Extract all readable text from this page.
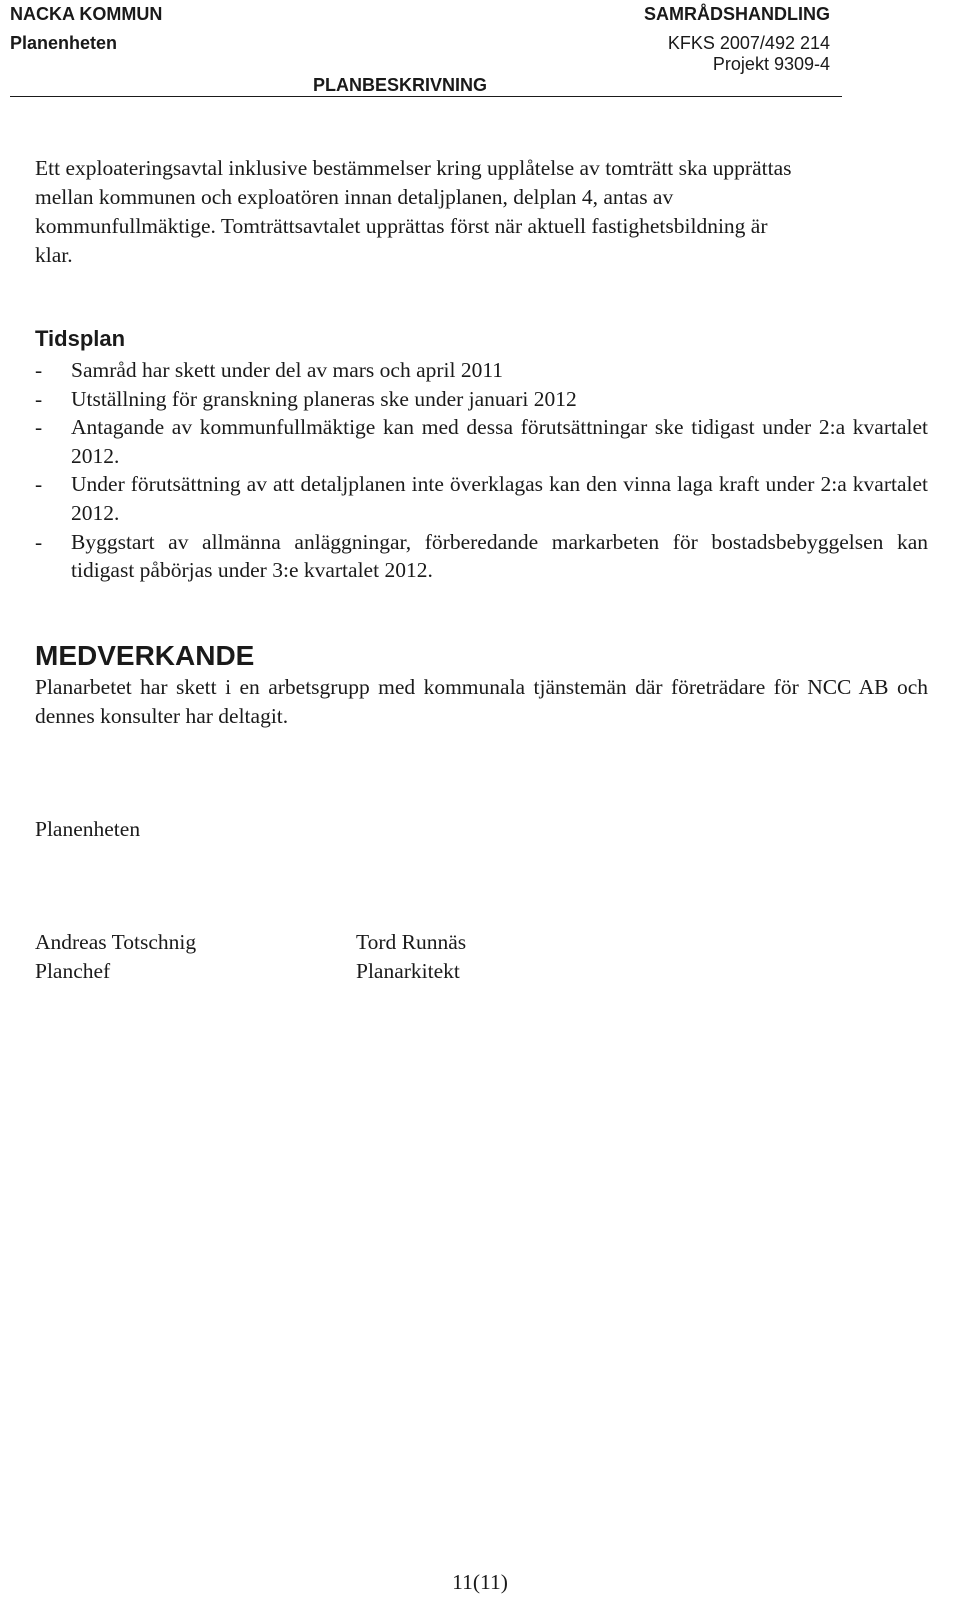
NACKA KOMMUN	SAMRÅDSHANDLING
Planenheten	KFKS 2007/492 214
Projekt 9309-4
PLANBESKRIVNING
Ett exploateringsavtal inklusive bestämmelser kring upplåtelse av tomträtt ska upprättas
mellan kommunen och exploatören innan detaljplanen, delplan 4, antas av
kommunfullmäktige. Tomträttsavtalet upprättas först när aktuell fastighetsbildning är
klar.
Tidsplan
- Samråd har skett under del av mars och april 2011
- Utställning för granskning planeras ske under januari 2012
- Antagande av kommunfullmäktige kan med dessa förutsättningar ske tidigast under 2:a kvartalet 2012.
- Under förutsättning av att detaljplanen inte överklagas kan den vinna laga kraft under 2:a kvartalet 2012.
- Byggstart av allmänna anläggningar, förberedande markarbeten för bostadsbebyggelsen kan tidigast påbörjas under 3:e kvartalet 2012.
MEDVERKANDE

Planarbetet har skett i en arbetsgrupp med kommunala tjänstemän där företrädare för NCC AB och dennes konsulter har deltagit.

Planenheten
Andreas Totschnig
Planchef
Tord Runnäs
Planarkitekt
11(11)
